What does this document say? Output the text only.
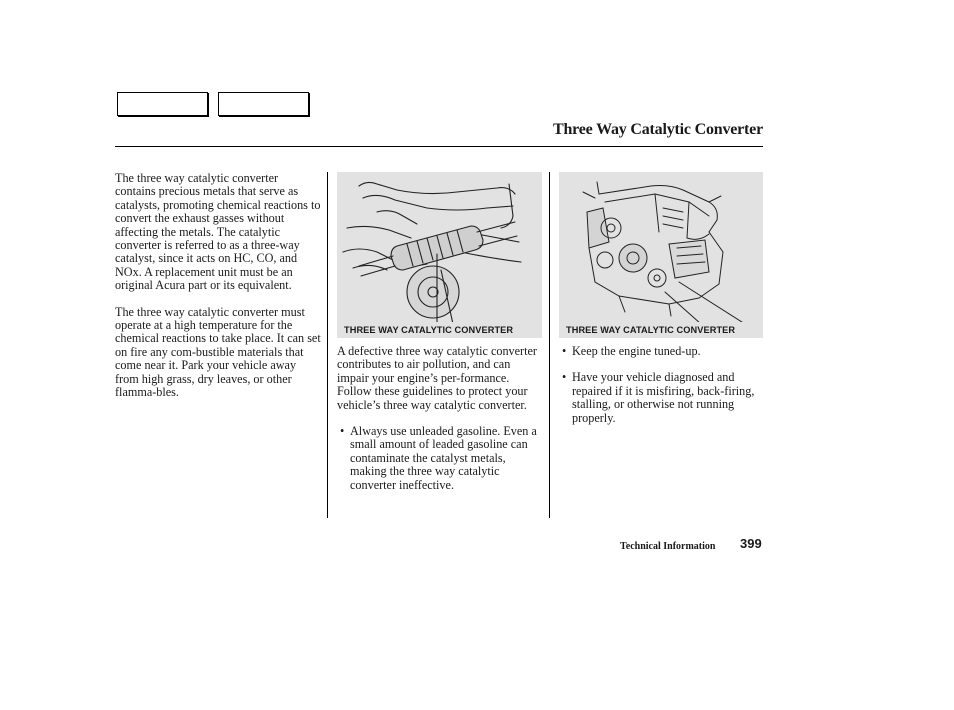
Three Way Catalytic Converter

The three way catalytic converter contains precious metals that serve as catalysts, promoting chemical reactions to convert the exhaust gasses without affecting the metals. The catalytic converter is referred to as a three-way catalyst, since it acts on HC, CO, and NOx. A replacement unit must be an original Acura part or its equivalent.

The three way catalytic converter must operate at a high temperature for the chemical reactions to take place. It can set on fire any com-bustible materials that come near it. Park your vehicle away from high grass, dry leaves, or other flamma-bles.

THREE WAY CATALYTIC CONVERTER	THREE WAY CATALYTIC CONVERTER

A defective three way catalytic converter contributes to air pollution, and can impair your engine’s per-formance. Follow these guidelines to protect your vehicle’s three way catalytic converter.

• Always use unleaded gasoline. Even a small amount of leaded gasoline can contaminate the catalyst metals, making the three way catalytic converter ineffective.
• Keep the engine tuned-up.
• Have your vehicle diagnosed and repaired if it is misfiring, back-firing, stalling, or otherwise not running properly.
Technical Information 399
